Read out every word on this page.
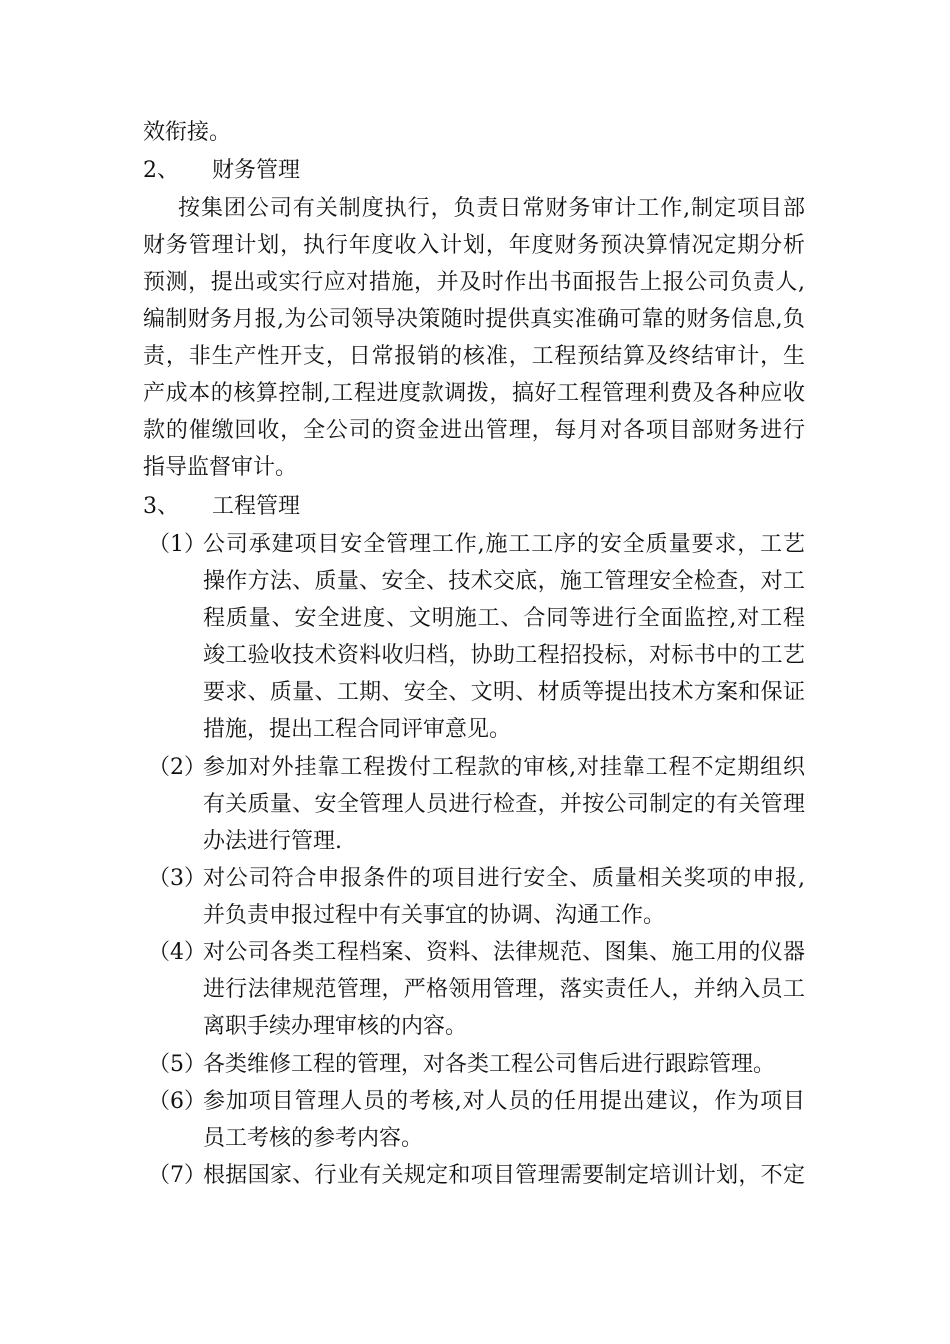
效衔接。
2、 财务管理
按集团公司有关制度执行，负责日常财务审计工作,制定项目部
财务管理计划，执行年度收入计划，年度财务预决算情况定期分析
预测，提出或实行应对措施，并及时作出书面报告上报公司负责人,
编制财务月报,为公司领导决策随时提供真实准确可靠的财务信息,负
责，非生产性开支，日常报销的核准，工程预结算及终结审计，生
产成本的核算控制,工程进度款调拨，搞好工程管理利费及各种应收
款的催缴回收，全公司的资金进出管理，每月对各项目部财务进行
指导监督审计。
3、 工程管理
（1）
公司承建项目安全管理工作,施工工序的安全质量要求，工艺
操作方法、质量、安全、技术交底，施工管理安全检查，对工
程质量、安全进度、文明施工、合同等进行全面监控,对工程
竣工验收技术资料收归档，协助工程招投标，对标书中的工艺
要求、质量、工期、安全、文明、材质等提出技术方案和保证
措施，提出工程合同评审意见。
（2）
参加对外挂靠工程拨付工程款的审核,对挂靠工程不定期组织
有关质量、安全管理人员进行检查，并按公司制定的有关管理
办法进行管理.
（3）
对公司符合申报条件的项目进行安全、质量相关奖项的申报,
并负责申报过程中有关事宜的协调、沟通工作。
（4）
对公司各类工程档案、资料、法律规范、图集、施工用的仪器
进行法律规范管理，严格领用管理，落实责任人，并纳入员工
离职手续办理审核的内容。
（5）
各类维修工程的管理，对各类工程公司售后进行跟踪管理。
（6）
参加项目管理人员的考核,对人员的任用提出建议，作为项目
员工考核的参考内容。
（7）
根据国家、行业有关规定和项目管理需要制定培训计划，不定
